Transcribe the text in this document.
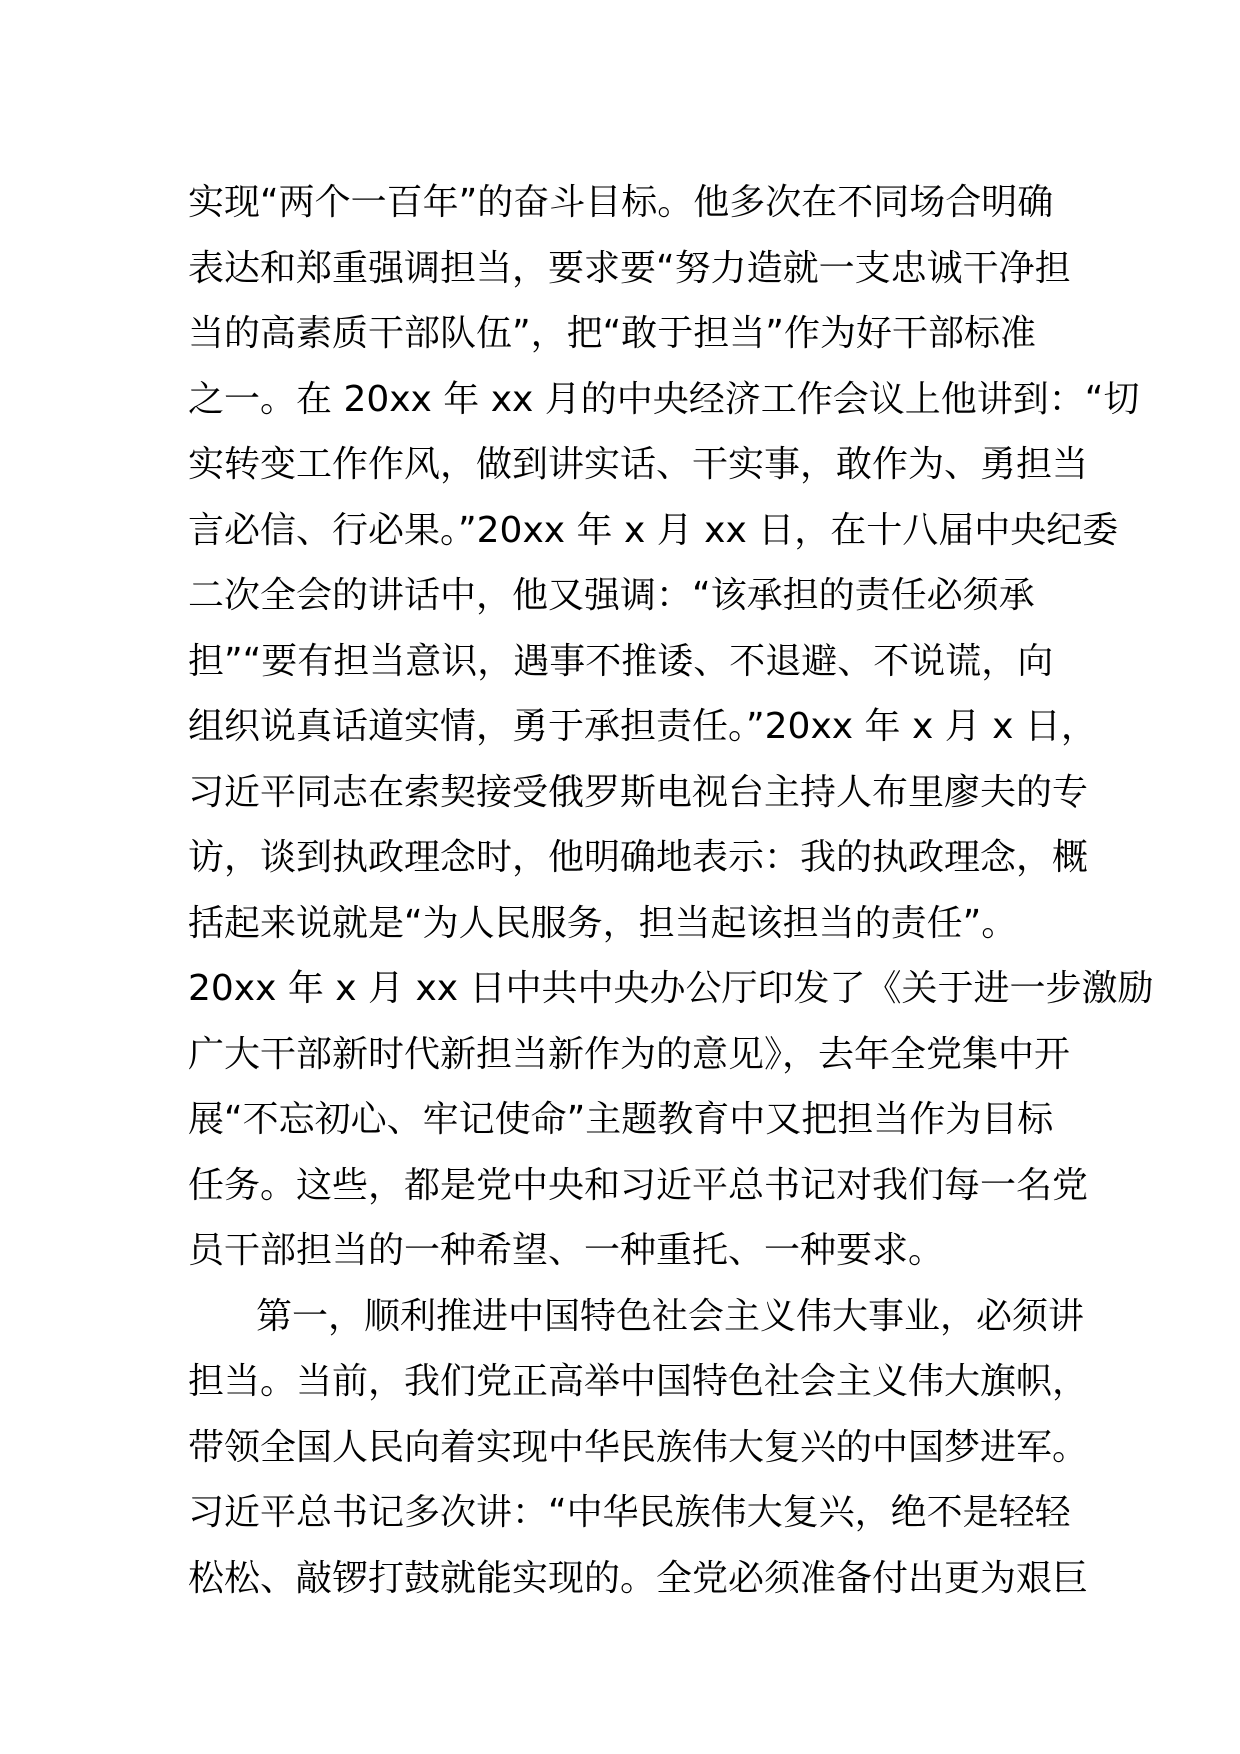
实现“两个一百年”的奋斗目标。他多次在不同场合明确
表达和郑重强调担当，要求要“努力造就一支忠诚干净担
当的高素质干部队伍”，把“敢于担当”作为好干部标准
之一。在 20xx 年 xx 月的中央经济工作会议上他讲到：“切
实转变工作作风，做到讲实话、干实事，敢作为、勇担当
言必信、行必果。”20xx 年 x 月 xx 日，在十八届中央纪委
二次全会的讲话中，他又强调：“该承担的责任必须承
担”“要有担当意识，遇事不推诿、不退避、不说谎，向
组织说真话道实情，勇于承担责任。”20xx 年 x 月 x 日，
习近平同志在索契接受俄罗斯电视台主持人布里廖夫的专
访，谈到执政理念时，他明确地表示：我的执政理念，概
括起来说就是“为人民服务，担当起该担当的责任”。
20xx 年 x 月 xx 日中共中央办公厅印发了《关于进一步激励
广大干部新时代新担当新作为的意见》，去年全党集中开
展“不忘初心、牢记使命”主题教育中又把担当作为目标
任务。这些，都是党中央和习近平总书记对我们每一名党
员干部担当的一种希望、一种重托、一种要求。
第一，顺利推进中国特色社会主义伟大事业，必须讲
担当。当前，我们党正高举中国特色社会主义伟大旗帜，
带领全国人民向着实现中华民族伟大复兴的中国梦进军。
习近平总书记多次讲：“中华民族伟大复兴，绝不是轻轻
松松、敲锣打鼓就能实现的。全党必须准备付出更为艰巨
